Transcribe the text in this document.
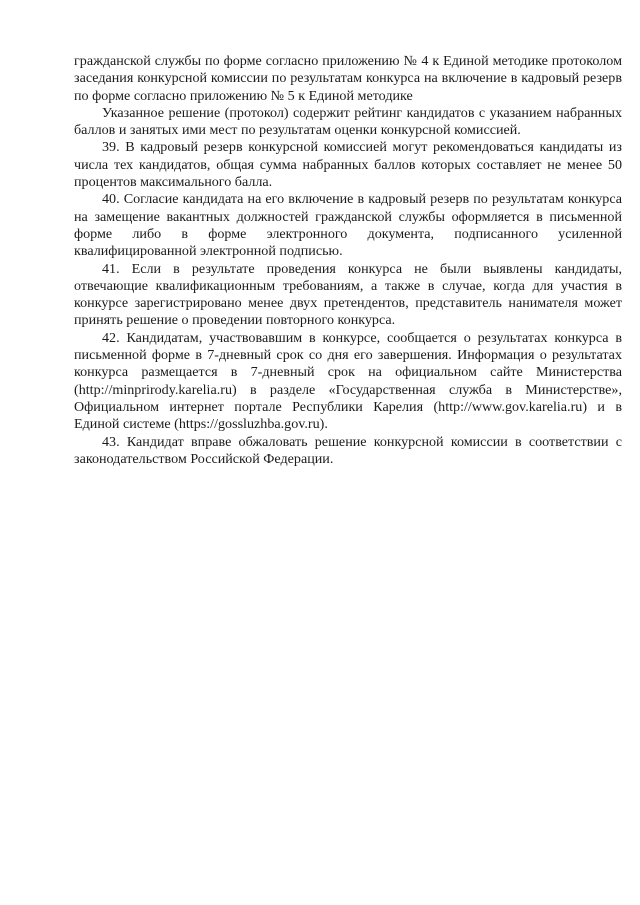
гражданской службы по форме согласно приложению № 4 к Единой методике протоколом заседания конкурсной комиссии по результатам конкурса на включение в кадровый резерв по форме согласно приложению № 5 к Единой методике

Указанное решение (протокол) содержит рейтинг кандидатов с указанием набранных баллов и занятых ими мест по результатам оценки конкурсной комиссией.

39. В кадровый резерв конкурсной комиссией могут рекомендоваться кандидаты из числа тех кандидатов, общая сумма набранных баллов которых составляет не менее 50 процентов максимального балла.

40. Согласие кандидата на его включение в кадровый резерв по результатам конкурса на замещение вакантных должностей гражданской службы оформляется в письменной форме либо в форме электронного документа, подписанного усиленной квалифицированной электронной подписью.

41. Если в результате проведения конкурса не были выявлены кандидаты, отвечающие квалификационным требованиям, а также в случае, когда для участия в конкурсе зарегистрировано менее двух претендентов, представитель нанимателя может принять решение о проведении повторного конкурса.

42. Кандидатам, участвовавшим в конкурсе, сообщается о результатах конкурса в письменной форме в 7-дневный срок со дня его завершения. Информация о результатах конкурса размещается в 7-дневный срок на официальном сайте Министерства (http://minprirody.karelia.ru) в разделе «Государственная служба в Министерстве», Официальном интернет портале Республики Карелия (http://www.gov.karelia.ru) и в Единой системе (https://gossluzhba.gov.ru).

43. Кандидат вправе обжаловать решение конкурсной комиссии в соответствии с законодательством Российской Федерации.
